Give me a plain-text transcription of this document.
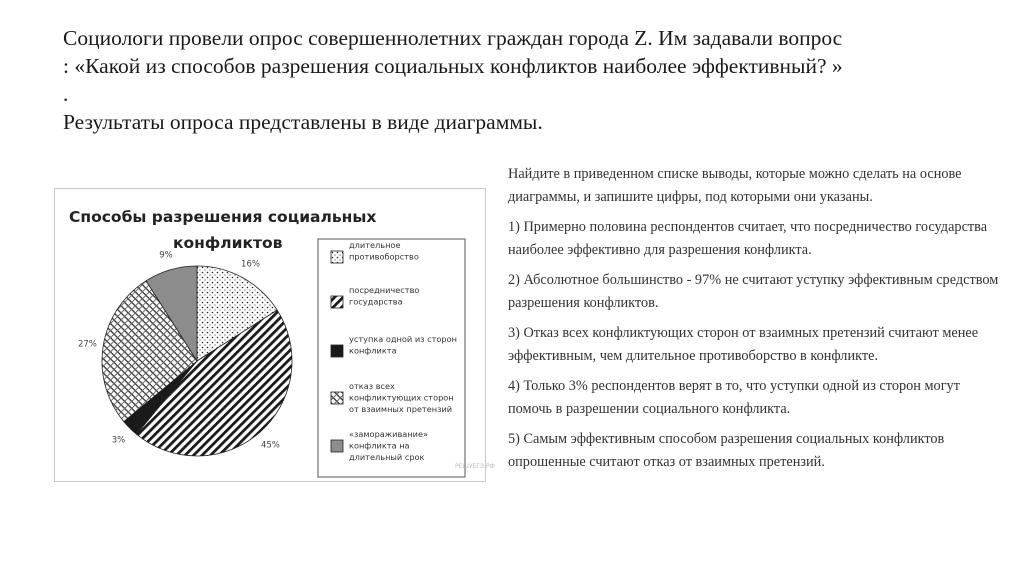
Социологи провели опрос совершеннолетних граждан города Z. Им задавали вопрос
: «Какой из способов разрешения социальных конфликтов наиболее эффективный? »
.
Результаты опроса представлены в виде диаграммы.
Способы разрешения социальных
конфликтов
16%
45%
3%
27%
9%
длительное
противоборство
посредничество
государства
уступка одной из сторон
конфликта
отказ всех
конфликтующих сторон
от взаимных претензий
«замораживание»
конфликта на
длительный срок
РЕШУЕГЭ.РФ

Найдите в приведенном списке выводы, которые можно сделать на основе диаграммы, и запишите цифры, под которыми они указаны.

1) Примерно половина респондентов считает, что посредничество государства наиболее эффективно для разрешения конфликта.

2) Абсолютное большинство - 97% не считают уступку эффективным средством разрешения конфликтов.

3) Отказ всех конфликтующих сторон от взаимных претензий считают менее эффективным, чем длительное противоборство в конфликте.

4) Только 3% респондентов верят в то, что уступки одной из сторон могут помочь в разрешении социального конфликта.

5) Самым эффективным способом разрешения социальных конфликтов опрошенные считают отказ от взаимных претензий.
